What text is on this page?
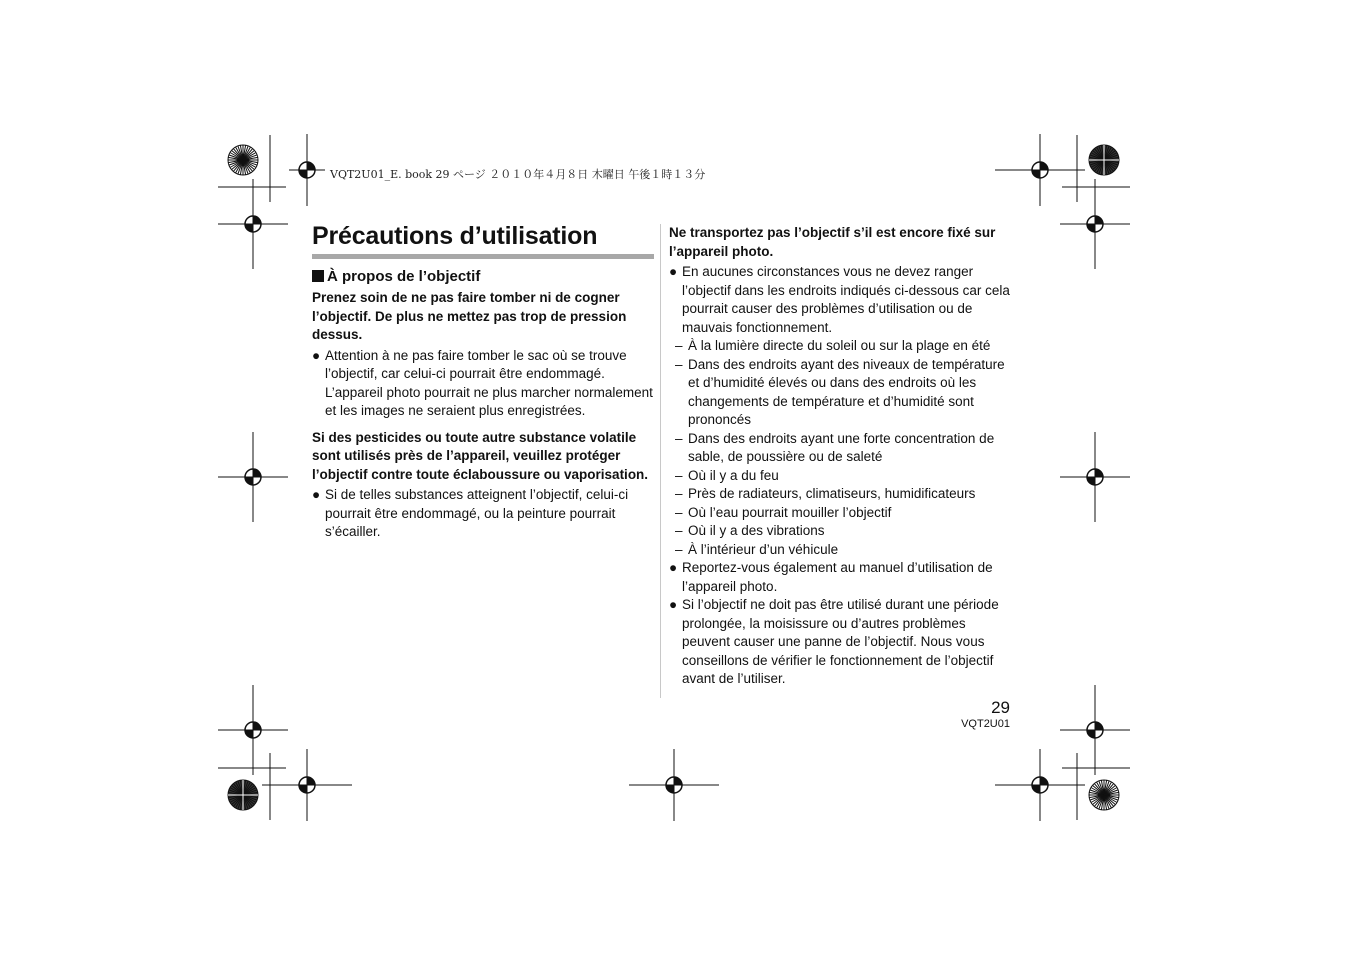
VQT2U01_E. book 29 ページ ２０１０年４月８日 木曜日 午後１時１３分
Précautions d’utilisation
À propos de l’objectif

Prenez soin de ne pas faire tomber ni de cogner l’objectif. De plus ne mettez pas trop de pression dessus.

● Attention à ne pas faire tomber le sac où se trouve l’objectif, car celui-ci pourrait être endommagé. L’appareil photo pourrait ne plus marcher normalement et les images ne seraient plus enregistrées.

Si des pesticides ou toute autre substance volatile sont utilisés près de l’appareil, veuillez protéger l’objectif contre toute éclaboussure ou vaporisation.

● Si de telles substances atteignent l’objectif, celui-ci pourrait être endommagé, ou la peinture pourrait s’écailler.

Ne transportez pas l’objectif s’il est encore fixé sur l’appareil photo.

● En aucunes circonstances vous ne devez ranger l’objectif dans les endroits indiqués ci-dessous car cela pourrait causer des problèmes d’utilisation ou de mauvais fonctionnement.
– À la lumière directe du soleil ou sur la plage en été
– Dans des endroits ayant des niveaux de température et d’humidité élevés ou dans des endroits où les changements de température et d’humidité sont prononcés
– Dans des endroits ayant une forte concentration de sable, de poussière ou de saleté
– Où il y a du feu
– Près de radiateurs, climatiseurs, humidificateurs
– Où l’eau pourrait mouiller l’objectif
– Où il y a des vibrations
– À l’intérieur d’un véhicule
● Reportez-vous également au manuel d’utilisation de l’appareil photo.
● Si l’objectif ne doit pas être utilisé durant une période prolongée, la moisissure ou d’autres problèmes peuvent causer une panne de l’objectif. Nous vous conseillons de vérifier le fonctionnement de l’objectif avant de l’utiliser.
29
VQT2U01
